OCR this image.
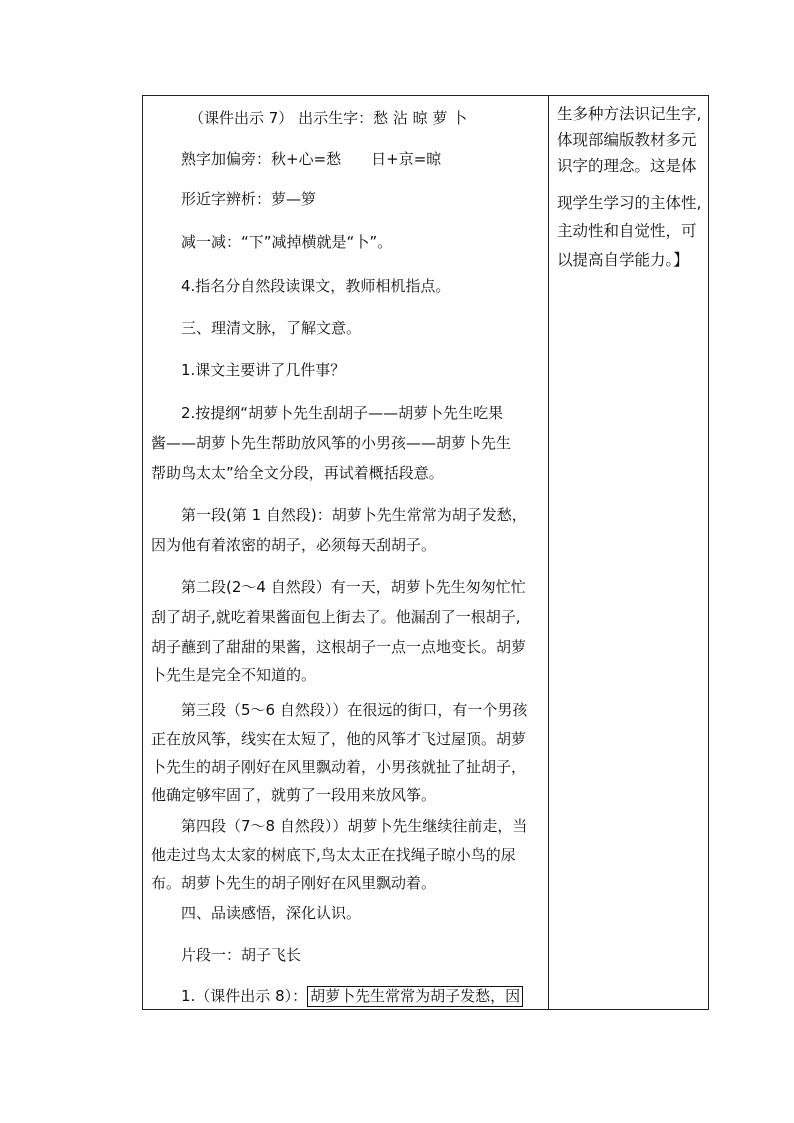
（课件出示 7） 出示生字：愁 沾 晾 萝 卜
熟字加偏旁：秋+心=愁　　日+京=晾
形近字辨析：萝—箩
减一减：“下”减掉横就是“卜”。
4.指名分自然段读课文，教师相机指点。
三、理清文脉，了解文意。
1.课文主要讲了几件事？
2.按提纲“胡萝卜先生刮胡子——胡萝卜先生吃果
酱——胡萝卜先生帮助放风筝的小男孩——胡萝卜先生
帮助鸟太太”给全文分段，再试着概括段意。
第一段(第 1 自然段)：胡萝卜先生常常为胡子发愁，
因为他有着浓密的胡子，必须每天刮胡子。
第二段(2～4 自然段）有一天，胡萝卜先生匆匆忙忙
刮了胡子,就吃着果酱面包上街去了。他漏刮了一根胡子,
胡子蘸到了甜甜的果酱，这根胡子一点一点地变长。胡萝
卜先生是完全不知道的。
第三段（5～6 自然段））在很远的街口，有一个男孩
正在放风筝，线实在太短了，他的风筝才飞过屋顶。胡萝
卜先生的胡子刚好在风里飘动着，小男孩就扯了扯胡子，
他确定够牢固了，就剪了一段用来放风筝。
第四段（7～8 自然段））胡萝卜先生继续往前走，当
他走过鸟太太家的树底下,鸟太太正在找绳子晾小鸟的尿
布。胡萝卜先生的胡子刚好在风里飘动着。
四、品读感悟，深化认识。
片段一：胡子飞长
1.（课件出示 8）： 胡萝卜先生常常为胡子发愁，因
生多种方法识记生字,
体现部编版教材多元
识字的理念。这是体
现学生学习的主体性,
主动性和自觉性，可
以提高自学能力。】
